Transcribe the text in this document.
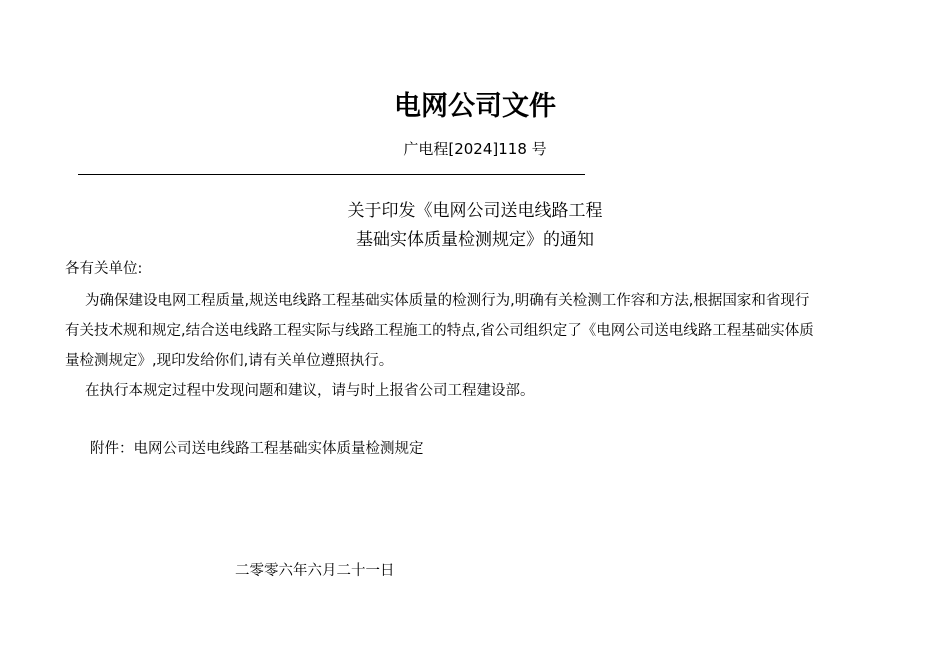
电网公司文件
广电程[2024]118 号
关于印发《电网公司送电线路工程
基础实体质量检测规定》的通知
各有关单位:
为确保建设电网工程质量,规送电线路工程基础实体质量的检测行为,明确有关检测工作容和方法,根据国家和省现行
有关技术规和规定,结合送电线路工程实际与线路工程施工的特点,省公司组织定了《电网公司送电线路工程基础实体质
量检测规定》,现印发给你们,请有关单位遵照执行。
在执行本规定过程中发现问题和建议，请与时上报省公司工程建设部。
附件：电网公司送电线路工程基础实体质量检测规定
二零零六年六月二十一日
